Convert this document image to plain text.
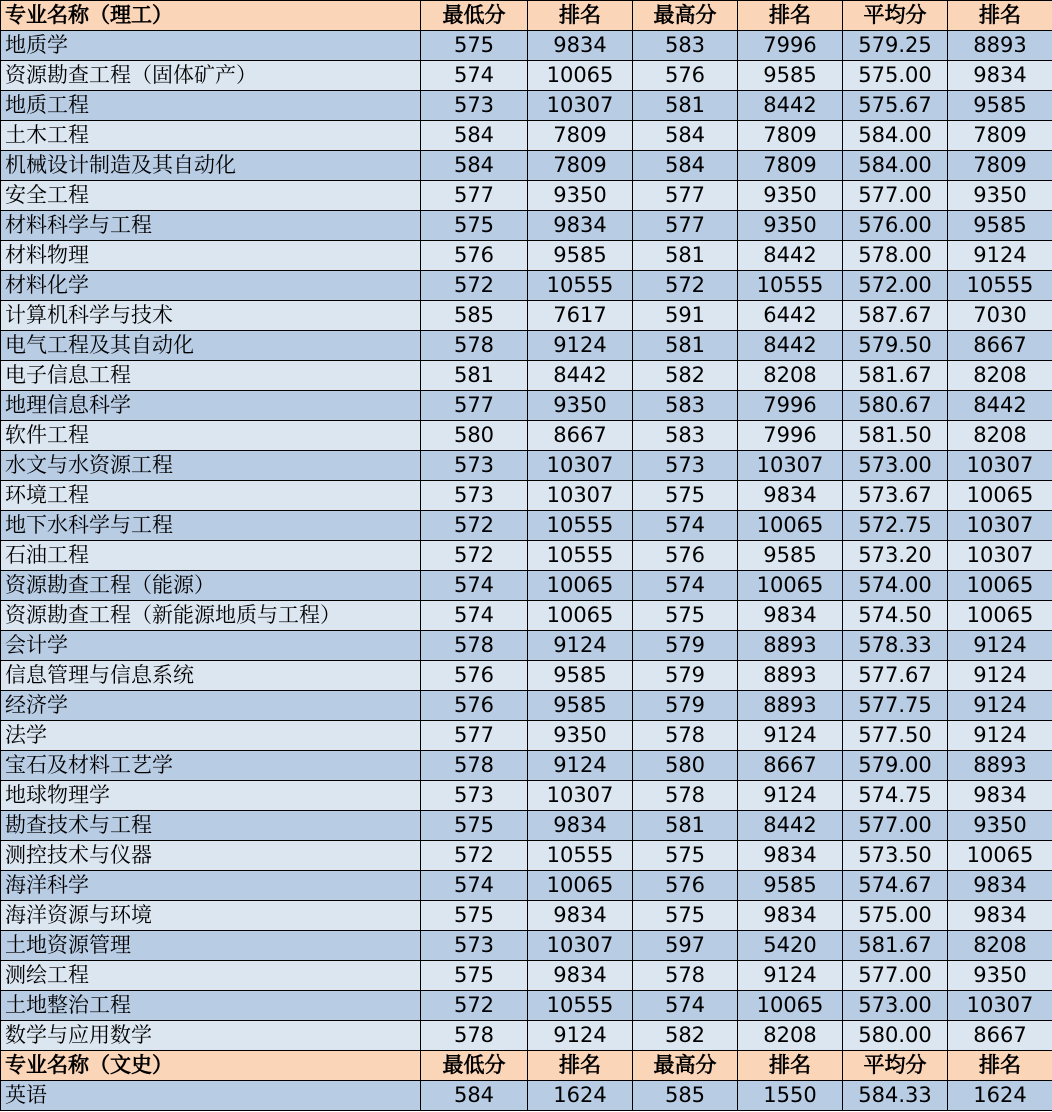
专业名称（理工）	最低分	排名	最高分	排名	平均分	排名
地质学	575	9834	583	7996	579.25	8893
资源勘查工程（固体矿产）	574	10065	576	9585	575.00	9834
地质工程	573	10307	581	8442	575.67	9585
土木工程	584	7809	584	7809	584.00	7809
机械设计制造及其自动化	584	7809	584	7809	584.00	7809
安全工程	577	9350	577	9350	577.00	9350
材料科学与工程	575	9834	577	9350	576.00	9585
材料物理	576	9585	581	8442	578.00	9124
材料化学	572	10555	572	10555	572.00	10555
计算机科学与技术	585	7617	591	6442	587.67	7030
电气工程及其自动化	578	9124	581	8442	579.50	8667
电子信息工程	581	8442	582	8208	581.67	8208
地理信息科学	577	9350	583	7996	580.67	8442
软件工程	580	8667	583	7996	581.50	8208
水文与水资源工程	573	10307	573	10307	573.00	10307
环境工程	573	10307	575	9834	573.67	10065
地下水科学与工程	572	10555	574	10065	572.75	10307
石油工程	572	10555	576	9585	573.20	10307
资源勘查工程（能源）	574	10065	574	10065	574.00	10065
资源勘查工程（新能源地质与工程）	574	10065	575	9834	574.50	10065
会计学	578	9124	579	8893	578.33	9124
信息管理与信息系统	576	9585	579	8893	577.67	9124
经济学	576	9585	579	8893	577.75	9124
法学	577	9350	578	9124	577.50	9124
宝石及材料工艺学	578	9124	580	8667	579.00	8893
地球物理学	573	10307	578	9124	574.75	9834
勘查技术与工程	575	9834	581	8442	577.00	9350
测控技术与仪器	572	10555	575	9834	573.50	10065
海洋科学	574	10065	576	9585	574.67	9834
海洋资源与环境	575	9834	575	9834	575.00	9834
土地资源管理	573	10307	597	5420	581.67	8208
测绘工程	575	9834	578	9124	577.00	9350
土地整治工程	572	10555	574	10065	573.00	10307
数学与应用数学	578	9124	582	8208	580.00	8667
专业名称（文史）	最低分	排名	最高分	排名	平均分	排名
英语	584	1624	585	1550	584.33	1624
